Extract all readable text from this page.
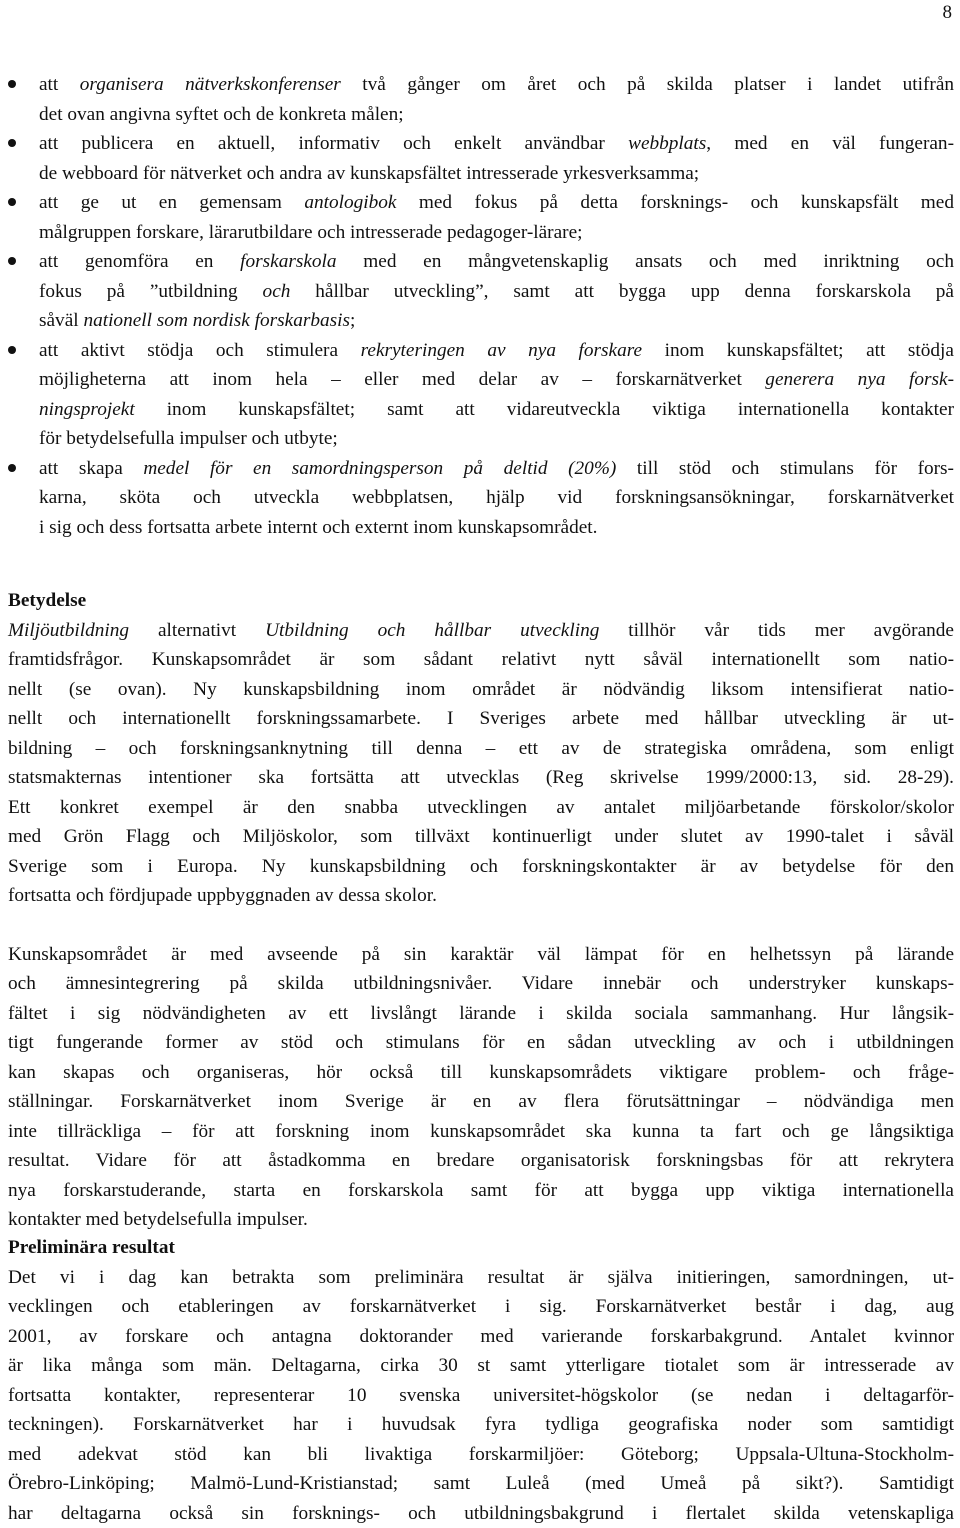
8
att organisera nätverkskonferenser två gånger om året och på skilda platser i landet utifrån
det ovan angivna syftet och de konkreta målen;
att publicera en aktuell, informativ och enkelt användbar webbplats, med en väl fungeran-
de webboard för nätverket och andra av kunskapsfältet intresserade yrkesverksamma;
att ge ut en gemensam antologibok med fokus på detta forsknings- och kunskapsfält med
målgruppen forskare, lärarutbildare och intresserade pedagoger-lärare;
att genomföra en forskarskola med en mångvetenskaplig ansats och med inriktning och
fokus på ”utbildning och hållbar utveckling”, samt att bygga upp denna forskarskola på
såväl nationell som nordisk forskarbasis;
att aktivt stödja och stimulera rekryteringen av nya forskare inom kunskapsfältet; att stödja
möjligheterna att inom hela – eller med delar av – forskarnätverket generera nya forsk-
ningsprojekt inom kunskapsfältet; samt att vidareutveckla viktiga internationella kontakter
för betydelsefulla impulser och utbyte;
att skapa medel för en samordningsperson på deltid (20%) till stöd och stimulans för fors-
karna, sköta och utveckla webbplatsen, hjälp vid forskningsansökningar, forskarnätverket
i sig och dess fortsatta arbete internt och externt inom kunskapsområdet.
Betydelse
Miljöutbildning alternativt Utbildning och hållbar utveckling tillhör vår tids mer avgörande
framtidsfrågor. Kunskapsområdet är som sådant relativt nytt såväl internationellt som natio-
nellt (se ovan). Ny kunskapsbildning inom området är nödvändig liksom intensifierat natio-
nellt och internationellt forskningssamarbete. I Sveriges arbete med hållbar utveckling är ut-
bildning – och forskningsanknytning till denna – ett av de strategiska områdena, som enligt
statsmakternas intentioner ska fortsätta att utvecklas (Reg skrivelse 1999/2000:13, sid. 28-29).
Ett konkret exempel är den snabba utvecklingen av antalet miljöarbetande förskolor/skolor
med Grön Flagg och Miljöskolor, som tillväxt kontinuerligt under slutet av 1990-talet i såväl
Sverige som i Europa. Ny kunskapsbildning och forskningskontakter är av betydelse för den
fortsatta och fördjupade uppbyggnaden av dessa skolor.
Kunskapsområdet är med avseende på sin karaktär väl lämpat för en helhetssyn på lärande
och ämnesintegrering på skilda utbildningsnivåer. Vidare innebär och understryker kunskaps-
fältet i sig nödvändigheten av ett livslångt lärande i skilda sociala sammanhang. Hur långsik-
tigt fungerande former av stöd och stimulans för en sådan utveckling av och i utbildningen
kan skapas och organiseras, hör också till kunskapsområdets viktigare problem- och fråge-
ställningar. Forskarnätverket inom Sverige är en av flera förutsättningar – nödvändiga men
inte tillräckliga – för att forskning inom kunskapsområdet ska kunna ta fart och ge långsiktiga
resultat. Vidare för att åstadkomma en bredare organisatorisk forskningsbas för att rekrytera
nya forskarstuderande, starta en forskarskola samt för att bygga upp viktiga internationella
kontakter med betydelsefulla impulser.
Preliminära resultat
Det vi i dag kan betrakta som preliminära resultat är själva initieringen, samordningen, ut-
vecklingen och etableringen av forskarnätverket i sig. Forskarnätverket består i dag, aug
2001, av forskare och antagna doktorander med varierande forskarbakgrund. Antalet kvinnor
är lika många som män. Deltagarna, cirka 30 st samt ytterligare tiotalet som är intresserade av
fortsatta kontakter, representerar 10 svenska universitet-högskolor (se nedan i deltagarför-
teckningen). Forskarnätverket har i huvudsak fyra tydliga geografiska noder som samtidigt
med adekvat stöd kan bli livaktiga forskarmiljöer: Göteborg; Uppsala-Ultuna-Stockholm-
Örebro-Linköping; Malmö-Lund-Kristianstad; samt Luleå (med Umeå på sikt?). Samtidigt
har deltagarna också sin forsknings- och utbildningsbakgrund i flertalet skilda vetenskapliga
